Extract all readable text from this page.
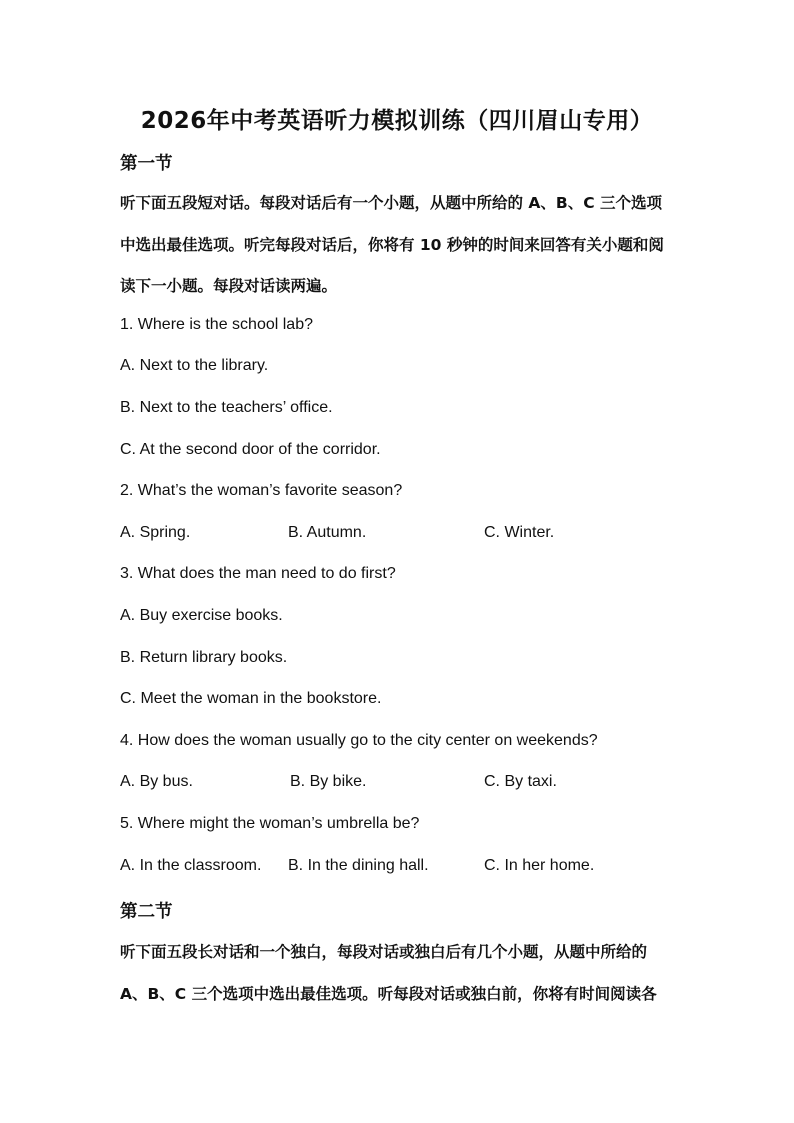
2026年中考英语听力模拟训练（四川眉山专用）
第一节
听下面五段短对话。每段对话后有一个小题，从题中所给的 A、B、C 三个选项
中选出最佳选项。听完每段对话后，你将有 10 秒钟的时间来回答有关小题和阅
读下一小题。每段对话读两遍。
1. Where is the school lab?
A. Next to the library.
B. Next to the teachers’ office.
C. At the second door of the corridor.
2. What’s the woman’s favorite season?
A. Spring.	B. Autumn.	C. Winter.
3. What does the man need to do first?
A. Buy exercise books.
B. Return library books.
C. Meet the woman in the bookstore.
4. How does the woman usually go to the city center on weekends?
A. By bus.	B. By bike.	C. By taxi.
5. Where might the woman’s umbrella be?
A. In the classroom. B. In the dining hall.	C. In her home.
第二节
听下面五段长对话和一个独白，每段对话或独白后有几个小题，从题中所给的
A、B、C 三个选项中选出最佳选项。听每段对话或独白前，你将有时间阅读各
